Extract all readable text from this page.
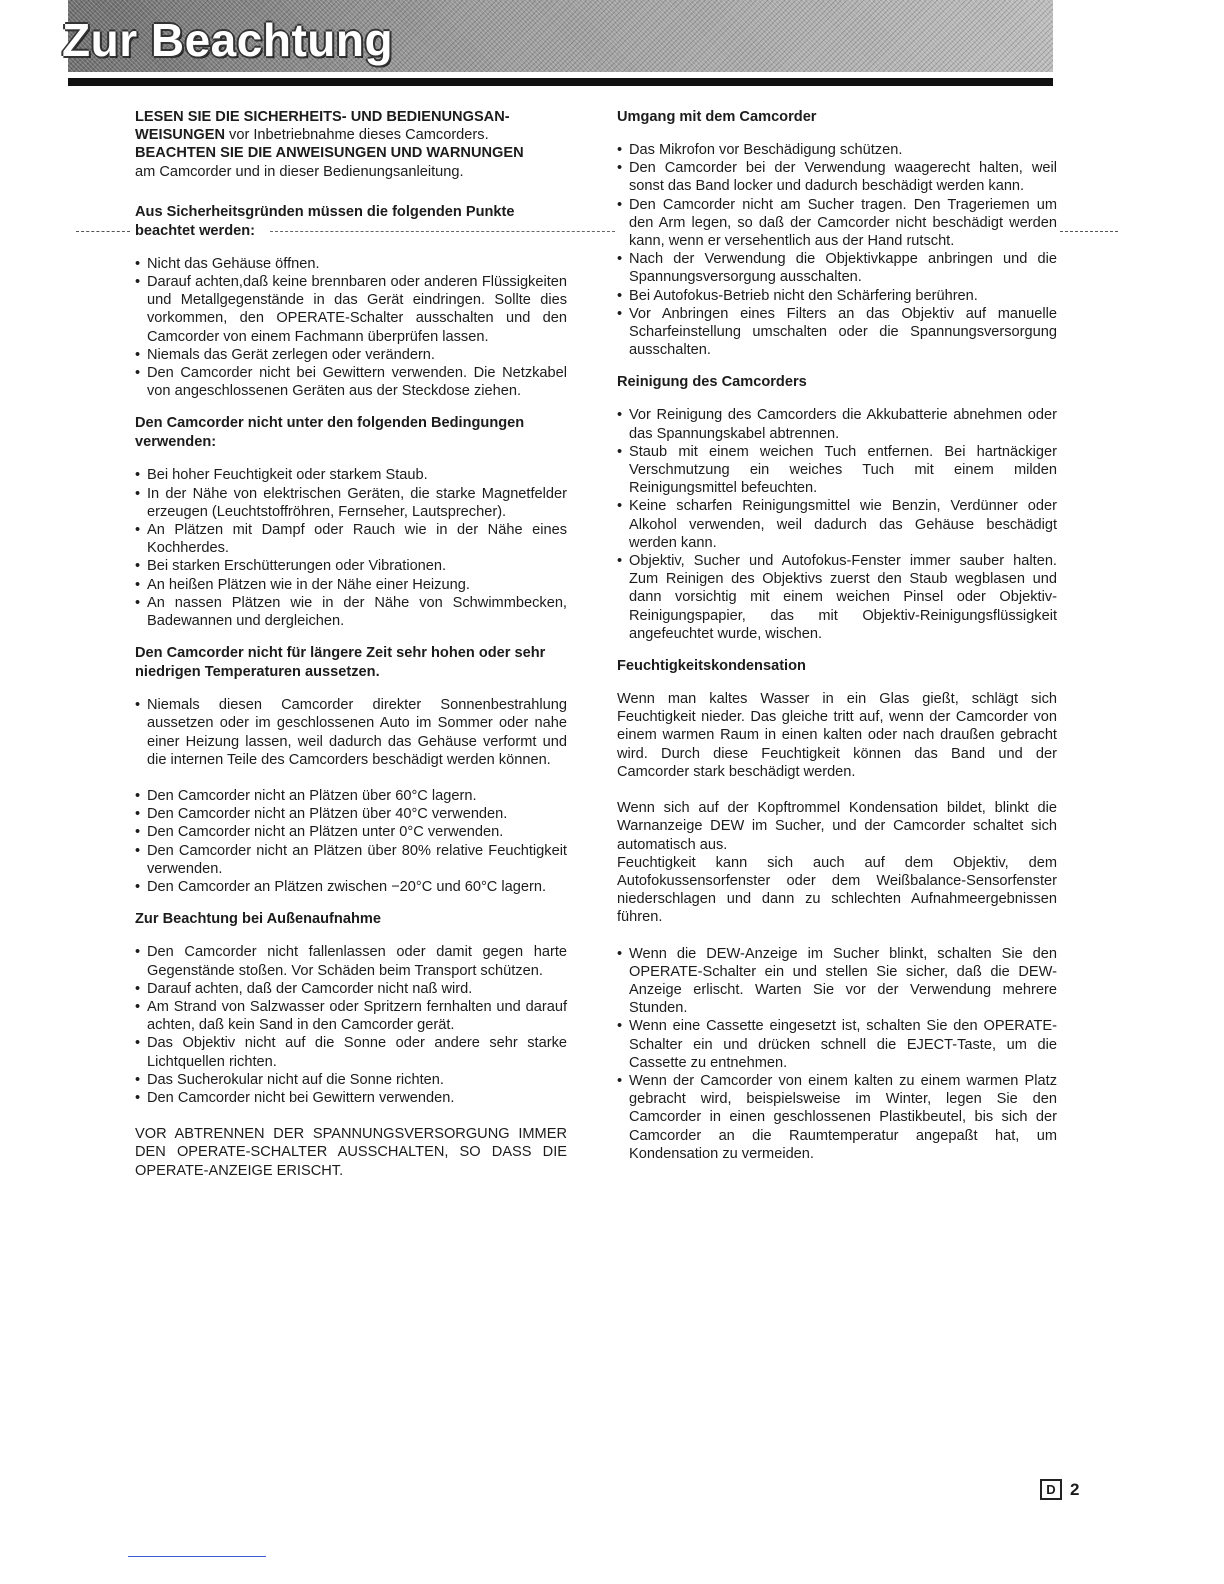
Zur Beachtung

LESEN SIE DIE SICHERHEITS- UND BEDIENUNGSAN-WEISUNGEN vor Inbetriebnahme dieses Camcorders.
BEACHTEN SIE DIE ANWEISUNGEN UND WARNUNGEN
am Camcorder und in dieser Bedienungsanleitung.

Aus Sicherheitsgründen müssen die folgenden Punkte beachtet werden:

• Nicht das Gehäuse öffnen.
• Darauf achten,daß keine brennbaren oder anderen Flüssigkeiten und Metallgegenstände in das Gerät eindringen. Sollte dies vorkommen, den OPERATE-Schalter ausschalten und den Camcorder von einem Fachmann überprüfen lassen.
• Niemals das Gerät zerlegen oder verändern.
• Den Camcorder nicht bei Gewittern verwenden. Die Netzkabel von angeschlossenen Geräten aus der Steckdose ziehen.

Den Camcorder nicht unter den folgenden Bedingungen verwenden:

• Bei hoher Feuchtigkeit oder starkem Staub.
• In der Nähe von elektrischen Geräten, die starke Magnetfelder erzeugen (Leuchtstoffröhren, Fernseher, Lautsprecher).
• An Plätzen mit Dampf oder Rauch wie in der Nähe eines Kochherdes.
• Bei starken Erschütterungen oder Vibrationen.
• An heißen Plätzen wie in der Nähe einer Heizung.
• An nassen Plätzen wie in der Nähe von Schwimmbecken, Badewannen und dergleichen.

Den Camcorder nicht für längere Zeit sehr hohen oder sehr niedrigen Temperaturen aussetzen.

• Niemals diesen Camcorder direkter Sonnenbestrahlung aussetzen oder im geschlossenen Auto im Sommer oder nahe einer Heizung lassen, weil dadurch das Gehäuse verformt und die internen Teile des Camcorders beschädigt werden können.
• Den Camcorder nicht an Plätzen über 60°C lagern.
• Den Camcorder nicht an Plätzen über 40°C verwenden.
• Den Camcorder nicht an Plätzen unter 0°C verwenden.
• Den Camcorder nicht an Plätzen über 80% relative Feuchtigkeit verwenden.
• Den Camcorder an Plätzen zwischen −20°C und 60°C lagern.

Zur Beachtung bei Außenaufnahme

• Den Camcorder nicht fallenlassen oder damit gegen harte Gegenstände stoßen. Vor Schäden beim Transport schützen.
• Darauf achten, daß der Camcorder nicht naß wird.
• Am Strand von Salzwasser oder Spritzern fernhalten und darauf achten, daß kein Sand in den Camcorder gerät.
• Das Objektiv nicht auf die Sonne oder andere sehr starke Lichtquellen richten.
• Das Sucherokular nicht auf die Sonne richten.
• Den Camcorder nicht bei Gewittern verwenden.

VOR ABTRENNEN DER SPANNUNGSVERSORGUNG IMMER DEN OPERATE-SCHALTER AUSSCHALTEN, SO DASS DIE OPERATE-ANZEIGE ERISCHT.

Umgang mit dem Camcorder

• Das Mikrofon vor Beschädigung schützen.
• Den Camcorder bei der Verwendung waagerecht halten, weil sonst das Band locker und dadurch beschädigt werden kann.
• Den Camcorder nicht am Sucher tragen. Den Trageriemen um den Arm legen, so daß der Camcorder nicht beschädigt werden kann, wenn er versehentlich aus der Hand rutscht.
• Nach der Verwendung die Objektivkappe anbringen und die Spannungsversorgung ausschalten.
• Bei Autofokus-Betrieb nicht den Schärfering berühren.
• Vor Anbringen eines Filters an das Objektiv auf manuelle Scharfeinstellung umschalten oder die Spannungsversorgung ausschalten.

Reinigung des Camcorders

• Vor Reinigung des Camcorders die Akkubatterie abnehmen oder das Spannungskabel abtrennen.
• Staub mit einem weichen Tuch entfernen. Bei hartnäckiger Verschmutzung ein weiches Tuch mit einem milden Reinigungsmittel befeuchten.
• Keine scharfen Reinigungsmittel wie Benzin, Verdünner oder Alkohol verwenden, weil dadurch das Gehäuse beschädigt werden kann.
• Objektiv, Sucher und Autofokus-Fenster immer sauber halten. Zum Reinigen des Objektivs zuerst den Staub wegblasen und dann vorsichtig mit einem weichen Pinsel oder Objektiv-Reinigungspapier, das mit Objektiv-Reinigungsflüssigkeit angefeuchtet wurde, wischen.

Feuchtigkeitskondensation

Wenn man kaltes Wasser in ein Glas gießt, schlägt sich Feuchtigkeit nieder. Das gleiche tritt auf, wenn der Camcorder von einem warmen Raum in einen kalten oder nach draußen gebracht wird. Durch diese Feuchtigkeit können das Band und der Camcorder stark beschädigt werden.

Wenn sich auf der Kopftrommel Kondensation bildet, blinkt die Warnanzeige DEW im Sucher, und der Camcorder schaltet sich automatisch aus.

Feuchtigkeit kann sich auch auf dem Objektiv, dem Autofokussensorfenster oder dem Weißbalance-Sensorfenster niederschlagen und dann zu schlechten Aufnahmeergebnissen führen.

• Wenn die DEW-Anzeige im Sucher blinkt, schalten Sie den OPERATE-Schalter ein und stellen Sie sicher, daß die DEW-Anzeige erlischt. Warten Sie vor der Verwendung mehrere Stunden.
• Wenn eine Cassette eingesetzt ist, schalten Sie den OPERATE-Schalter ein und drücken schnell die EJECT-Taste, um die Cassette zu entnehmen.
• Wenn der Camcorder von einem kalten zu einem warmen Platz gebracht wird, beispielsweise im Winter, legen Sie den Camcorder in einen geschlossenen Plastikbeutel, bis sich der Camcorder an die Raumtemperatur angepaßt hat, um Kondensation zu vermeiden.
D 2
